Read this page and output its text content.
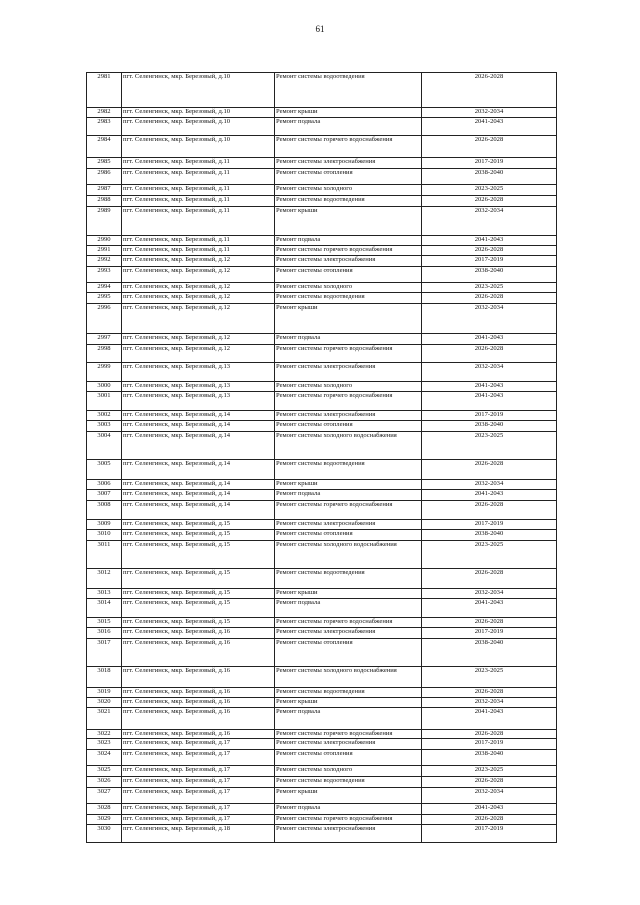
61
2981	пгт. Селенгинск, мкр. Березовый, д.10	Ремонт системы водоотведения	2026-2028
2982	пгт. Селенгинск, мкр. Березовый, д.10	Ремонт крыши	2032-2034
2983	пгт. Селенгинск, мкр. Березовый, д.10	Ремонт подвала	2041-2043
2984	пгт. Селенгинск, мкр. Березовый, д.10	Ремонт системы горячего водоснабжения	2026-2028
2985	пгт. Селенгинск, мкр. Березовый, д.11	Ремонт системы электроснабжения	2017-2019
2986	пгт. Селенгинск, мкр. Березовый, д.11	Ремонт системы отопления	2038-2040
2987	пгт. Селенгинск, мкр. Березовый, д.11	Ремонт системы холодного	2023-2025
2988	пгт. Селенгинск, мкр. Березовый, д.11	Ремонт системы водоотведения	2026-2028
2989	пгт. Селенгинск, мкр. Березовый, д.11	Ремонт крыши	2032-2034
2990	пгт. Селенгинск, мкр. Березовый, д.11	Ремонт подвала	2041-2043
2991	пгт. Селенгинск, мкр. Березовый, д.11	Ремонт системы горячего водоснабжения	2026-2028
2992	пгт. Селенгинск, мкр. Березовый, д.12	Ремонт системы электроснабжения	2017-2019
2993	пгт. Селенгинск, мкр. Березовый, д.12	Ремонт системы отопления	2038-2040
2994	пгт. Селенгинск, мкр. Березовый, д.12	Ремонт системы холодного	2023-2025
2995	пгт. Селенгинск, мкр. Березовый, д.12	Ремонт системы водоотведения	2026-2028
2996	пгт. Селенгинск, мкр. Березовый, д.12	Ремонт крыши	2032-2034
2997	пгт. Селенгинск, мкр. Березовый, д.12	Ремонт подвала	2041-2043
2998	пгт. Селенгинск, мкр. Березовый, д.12	Ремонт системы горячего водоснабжения	2026-2028
2999	пгт. Селенгинск, мкр. Березовый, д.13	Ремонт системы электроснабжения	2032-2034
3000	пгт. Селенгинск, мкр. Березовый, д.13	Ремонт системы холодного	2041-2043
3001	пгт. Селенгинск, мкр. Березовый, д.13	Ремонт системы горячего водоснабжения	2041-2043
3002	пгт. Селенгинск, мкр. Березовый, д.14	Ремонт системы электроснабжения	2017-2019
3003	пгт. Селенгинск, мкр. Березовый, д.14	Ремонт системы отопления	2038-2040
3004	пгт. Селенгинск, мкр. Березовый, д.14	Ремонт системы холодного водоснабжения	2023-2025
3005	пгт. Селенгинск, мкр. Березовый, д.14	Ремонт системы водоотведения	2026-2028
3006	пгт. Селенгинск, мкр. Березовый, д.14	Ремонт крыши	2032-2034
3007	пгт. Селенгинск, мкр. Березовый, д.14	Ремонт подвала	2041-2043
3008	пгт. Селенгинск, мкр. Березовый, д.14	Ремонт системы горячего водоснабжения	2026-2028
3009	пгт. Селенгинск, мкр. Березовый, д.15	Ремонт системы электроснабжения	2017-2019
3010	пгт. Селенгинск, мкр. Березовый, д.15	Ремонт системы отопления	2038-2040
3011	пгт. Селенгинск, мкр. Березовый, д.15	Ремонт системы холодного водоснабжения	2023-2025
3012	пгт. Селенгинск, мкр. Березовый, д.15	Ремонт системы водоотведения	2026-2028
3013	пгт. Селенгинск, мкр. Березовый, д.15	Ремонт крыши	2032-2034
3014	пгт. Селенгинск, мкр. Березовый, д.15	Ремонт подвала	2041-2043
3015	пгт. Селенгинск, мкр. Березовый, д.15	Ремонт системы горячего водоснабжения	2026-2028
3016	пгт. Селенгинск, мкр. Березовый, д.16	Ремонт системы электроснабжения	2017-2019
3017	пгт. Селенгинск, мкр. Березовый, д.16	Ремонт системы отопления	2038-2040
3018	пгт. Селенгинск, мкр. Березовый, д.16	Ремонт системы холодного водоснабжения	2023-2025
3019	пгт. Селенгинск, мкр. Березовый, д.16	Ремонт системы водоотведения	2026-2028
3020	пгт. Селенгинск, мкр. Березовый, д.16	Ремонт крыши	2032-2034
3021	пгт. Селенгинск, мкр. Березовый, д.16	Ремонт подвала	2041-2043
3022	пгт. Селенгинск, мкр. Березовый, д.16	Ремонт системы горячего водоснабжения	2026-2028
3023	пгт. Селенгинск, мкр. Березовый, д.17	Ремонт системы электроснабжения	2017-2019
3024	пгт. Селенгинск, мкр. Березовый, д.17	Ремонт системы отопления	2038-2040
3025	пгт. Селенгинск, мкр. Березовый, д.17	Ремонт системы холодного	2023-2025
3026	пгт. Селенгинск, мкр. Березовый, д.17	Ремонт системы водоотведения	2026-2028
3027	пгт. Селенгинск, мкр. Березовый, д.17	Ремонт крыши	2032-2034
3028	пгт. Селенгинск, мкр. Березовый, д.17	Ремонт подвала	2041-2043
3029	пгт. Селенгинск, мкр. Березовый, д.17	Ремонт системы горячего водоснабжения	2026-2028
3030	пгт. Селенгинск, мкр. Березовый, д.18	Ремонт системы электроснабжения	2017-2019
